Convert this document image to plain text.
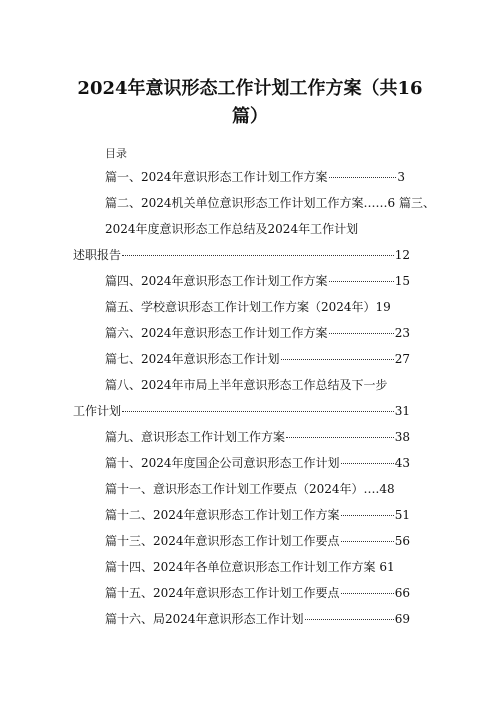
2024年意识形态工作计划工作方案（共16
篇）
目录
篇一、2024年意识形态工作计划工作方案	3
篇二、2024机关单位意识形态工作计划工作方案……6 篇三、
2024年度意识形态工作总结及2024年工作计划
述职报告	12
篇四、2024年意识形态工作计划工作方案	15
篇五、学校意识形态工作计划工作方案（2024年）19
篇六、2024年意识形态工作计划工作方案	23
篇七、2024年意识形态工作计划	27
篇八、2024年市局上半年意识形态工作总结及下一步
工作计划	31
篇九、意识形态工作计划工作方案	38
篇十、2024年度国企公司意识形态工作计划	43
篇十一、意识形态工作计划工作要点（2024年）….48
篇十二、2024年意识形态工作计划工作方案	51
篇十三、2024年意识形态工作计划工作要点	56
篇十四、2024年各单位意识形态工作计划工作方案 61
篇十五、2024年意识形态工作计划工作要点	66
篇十六、局2024年意识形态工作计划	69
